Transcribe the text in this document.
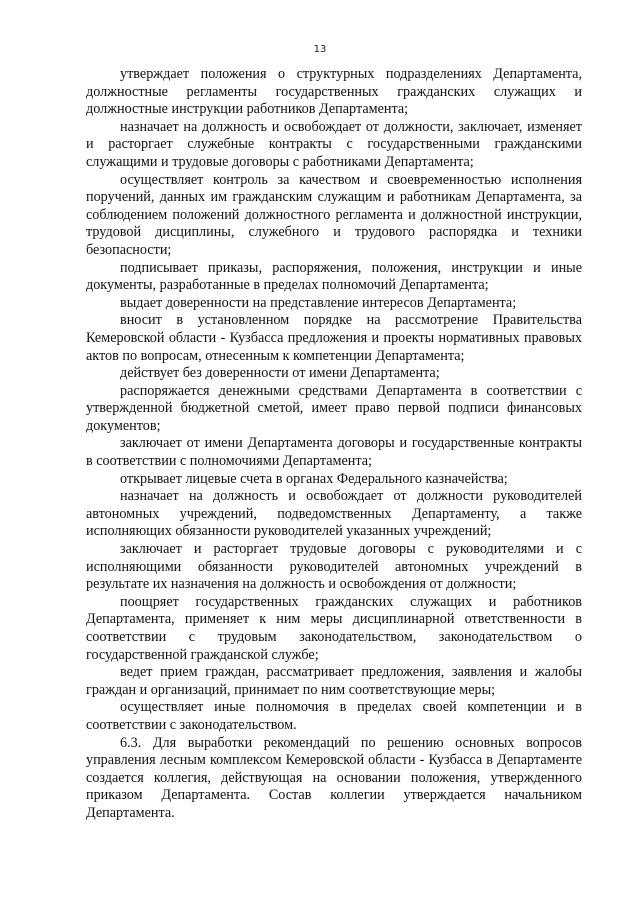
13

утверждает положения о структурных подразделениях Департамента, должностные регламенты государственных гражданских служащих и должностные инструкции работников Департамента;

назначает на должность и освобождает от должности, заключает, изменяет и расторгает служебные контракты с государственными гражданскими служащими и трудовые договоры с работниками Департамента;

осуществляет контроль за качеством и своевременностью исполнения поручений, данных им гражданским служащим и работникам Департамента, за соблюдением положений должностного регламента и должностной инструкции, трудовой дисциплины, служебного и трудового распорядка и техники безопасности;

подписывает приказы, распоряжения, положения, инструкции и иные документы, разработанные в пределах полномочий Департамента;

выдает доверенности на представление интересов Департамента;

вносит в установленном порядке на рассмотрение Правительства Кемеровской области - Кузбасса предложения и проекты нормативных правовых актов по вопросам, отнесенным к компетенции Департамента;

действует без доверенности от имени Департамента;

распоряжается денежными средствами Департамента в соответствии с утвержденной бюджетной сметой, имеет право первой подписи финансовых документов;

заключает от имени Департамента договоры и государственные контракты в соответствии с полномочиями Департамента;

открывает лицевые счета в органах Федерального казначейства;

назначает на должность и освобождает от должности руководителей автономных учреждений, подведомственных Департаменту, а также исполняющих обязанности руководителей указанных учреждений;

заключает и расторгает трудовые договоры с руководителями и с исполняющими обязанности руководителей автономных учреждений в результате их назначения на должность и освобождения от должности;

поощряет государственных гражданских служащих и работников Департамента, применяет к ним меры дисциплинарной ответственности в соответствии с трудовым законодательством, законодательством о государственной гражданской службе;

ведет прием граждан, рассматривает предложения, заявления и жалобы граждан и организаций, принимает по ним соответствующие меры;

осуществляет иные полномочия в пределах своей компетенции и в соответствии с законодательством.

6.3. Для выработки рекомендаций по решению основных вопросов управления лесным комплексом Кемеровской области - Кузбасса в Департаменте создается коллегия, действующая на основании положения, утвержденного приказом Департамента. Состав коллегии утверждается начальником Департамента.
